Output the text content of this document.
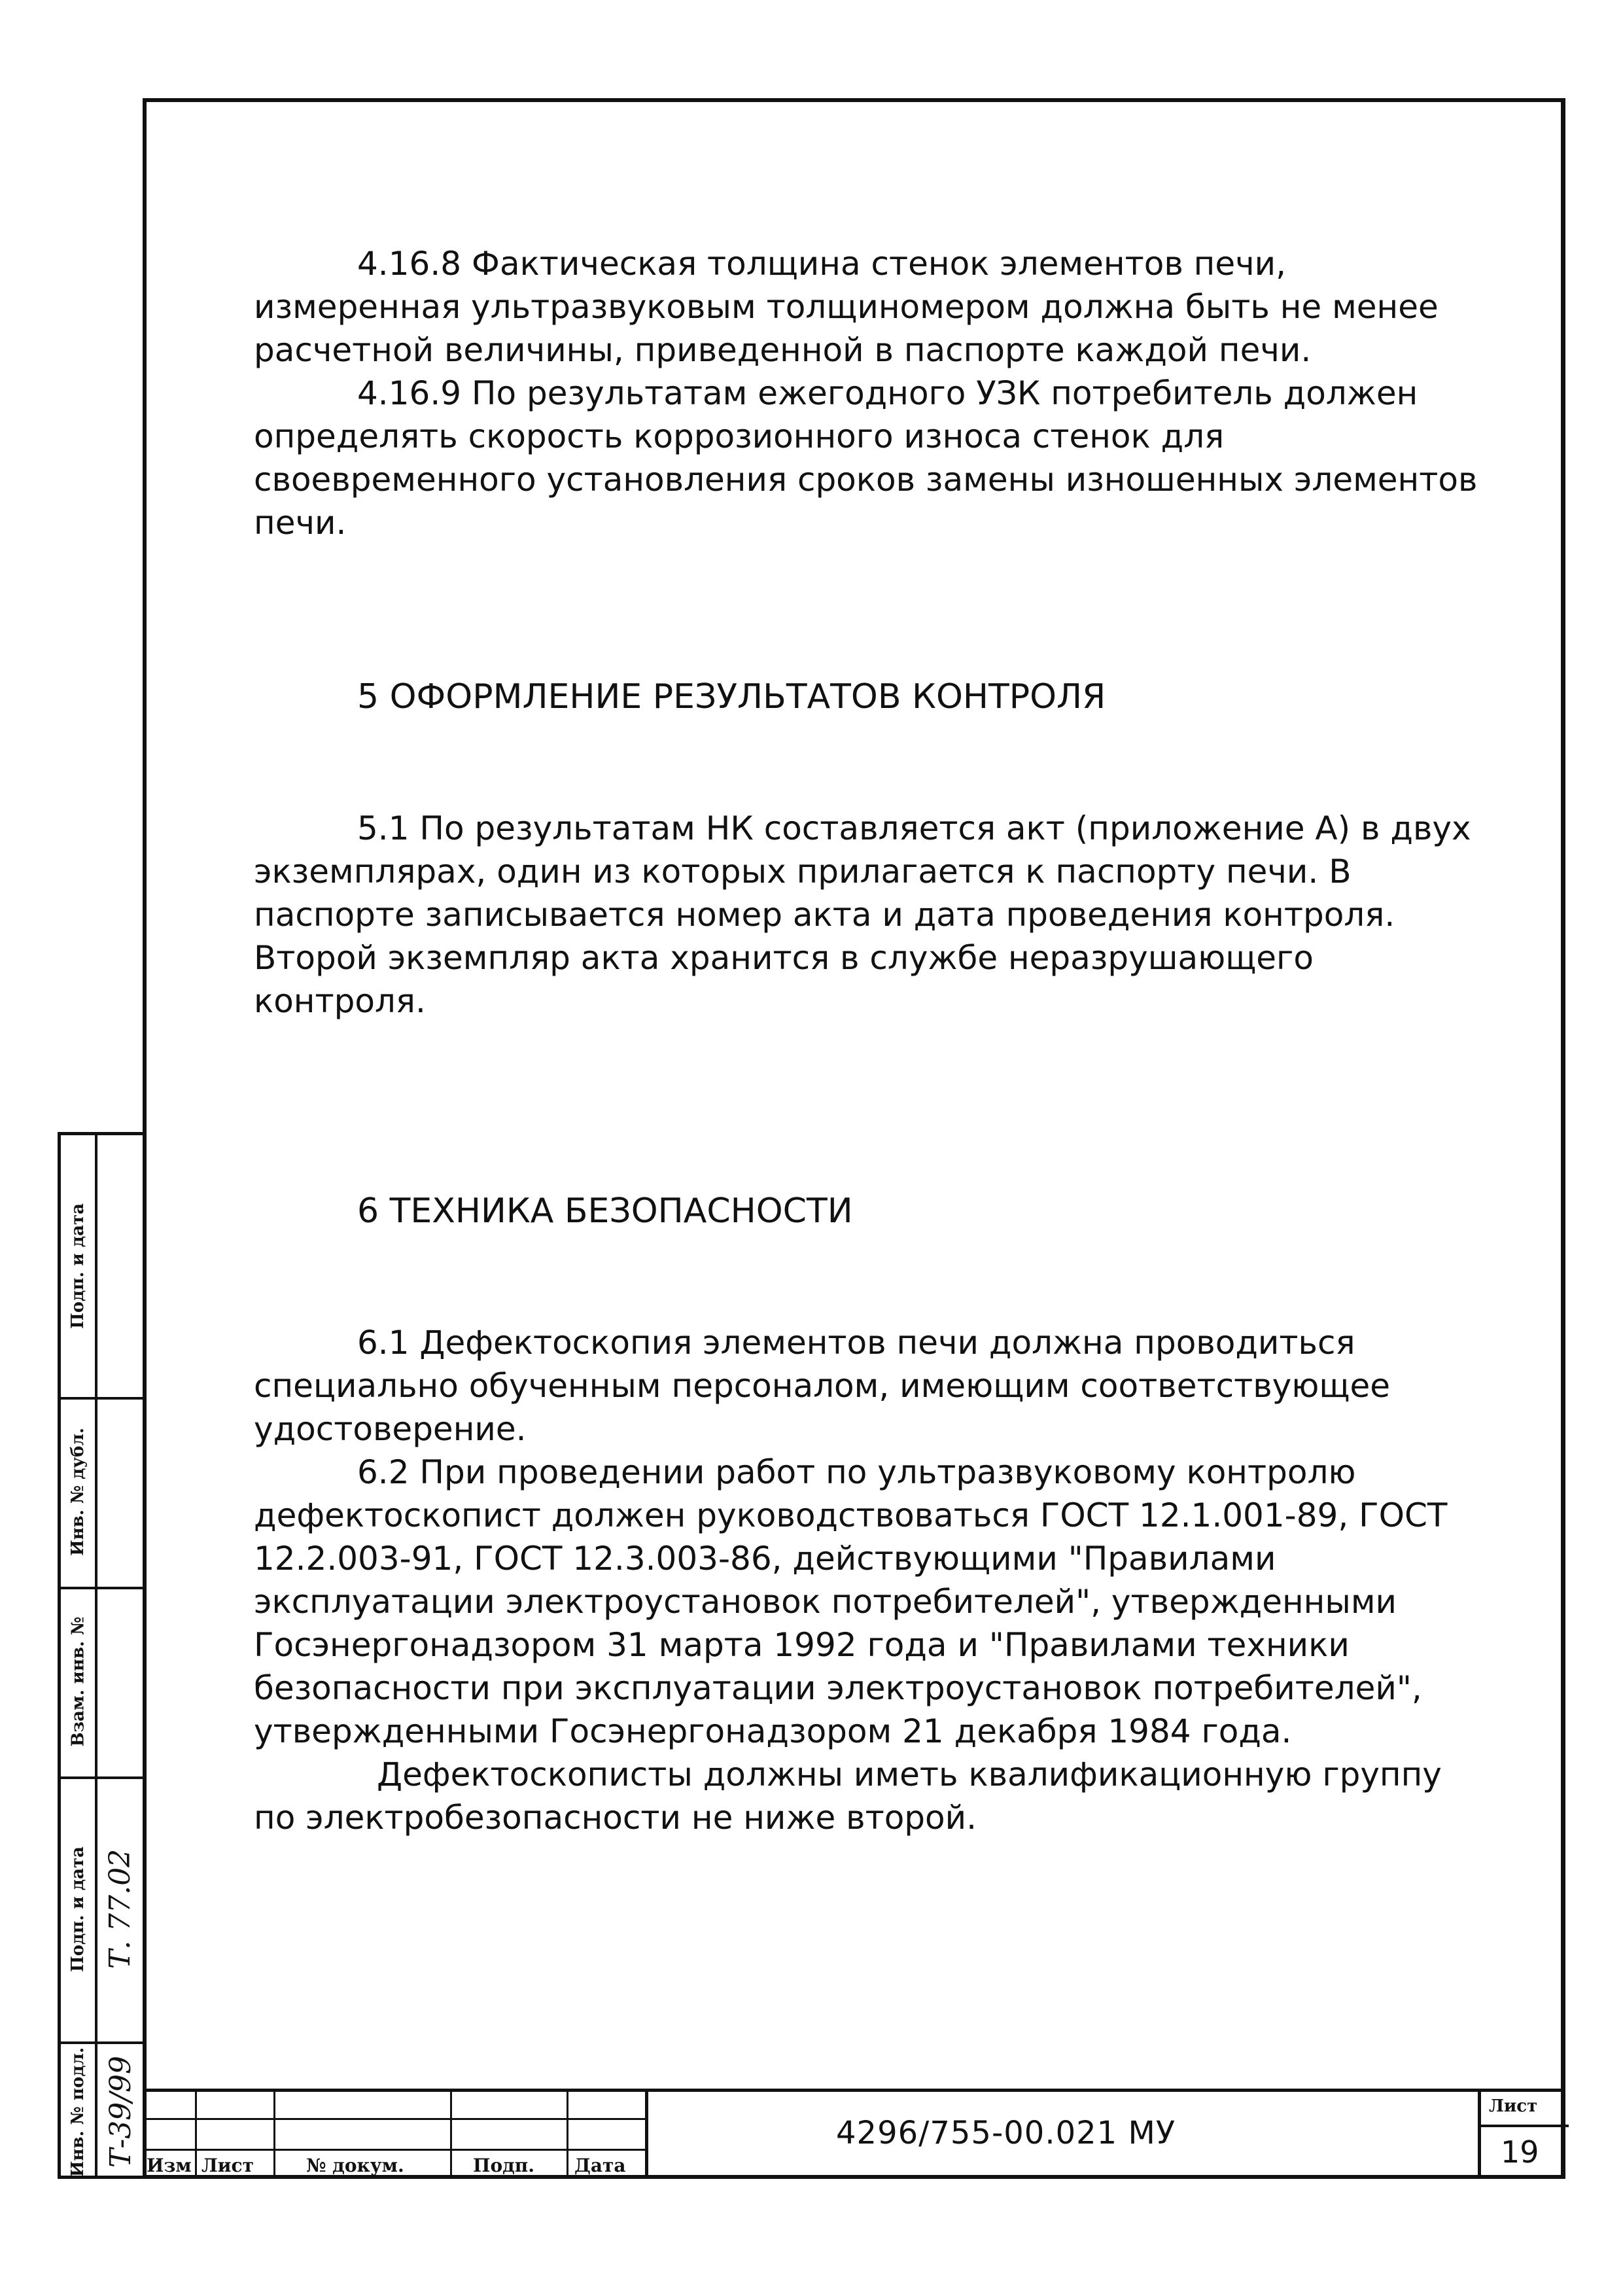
4.16.8 Фактическая толщина стенок элементов печи, измеренная ультразвуковым толщиномером должна быть не менее расчетной величины, приведенной в паспорте каждой печи.

4.16.9 По результатам ежегодного УЗК потребитель должен определять скорость коррозионного износа стенок для своевременного установления сроков замены изношенных элементов печи.

5 ОФОРМЛЕНИЕ РЕЗУЛЬТАТОВ КОНТРОЛЯ

5.1 По результатам НК составляется акт (приложение А) в двух экземплярах, один из которых прилагается к паспорту печи. В паспорте записывается номер акта и дата проведения контроля. Второй экземпляр акта хранится в службе неразрушающего контроля.

6 ТЕХНИКА БЕЗОПАСНОСТИ

6.1 Дефектоскопия элементов печи должна проводиться специально обученным персоналом, имеющим соответствующее удостоверение.

6.2 При проведении работ по ультразвуковому контролю дефектоскопист должен руководствоваться ГОСТ 12.1.001-89, ГОСТ 12.2.003-91, ГОСТ 12.3.003-86, действующими "Правилами эксплуатации электроустановок потребителей", утвержденными Госэнергонадзором 31 марта 1992 года и "Правилами техники безопасности при эксплуатации электроустановок потребителей", утвержденными Госэнергонадзором 21 декабря 1984 года.

Дефектоскописты должны иметь квалификационную группу по электробезопасности не ниже второй.

Подп. и дата
Инв. № дубл.
Взам. инв. №
Подп. и дата
Инв. № подл.
Т. 77.02
Т-39/99 Изм Лист	№ докум.	Подп. Дата
4296/755-00.021 МУ
Лист
19
